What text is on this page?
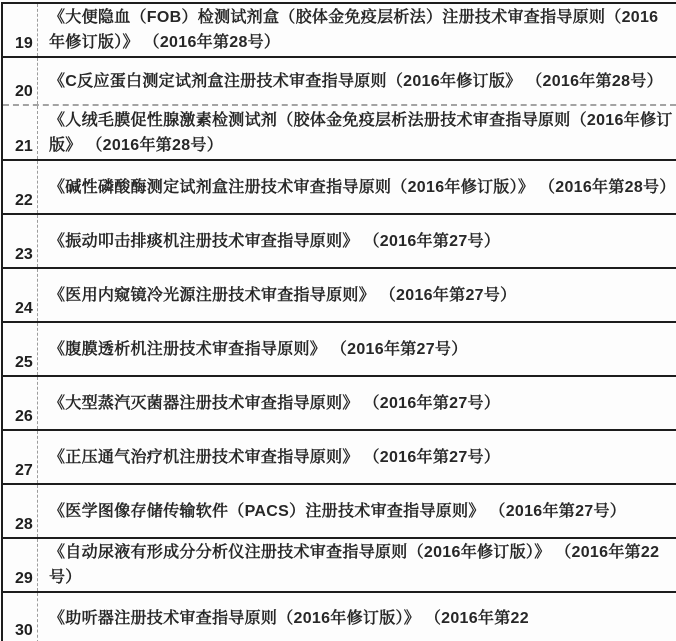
19
《大便隐血（FOB）检测试剂盒（胶体金免疫层析法）注册技术审查指导原则（2016年修订版）》 （2016年第28号）
20
《C反应蛋白测定试剂盒注册技术审查指导原则（2016年修订版》 （2016年第28号）
21
《人绒毛膜促性腺激素检测试剂（胶体金免疫层析法册技术审查指导原则（2016年修订版》 （2016年第28号）
22
《碱性磷酸酶测定试剂盒注册技术审查指导原则（2016年修订版）》 （2016年第28号）
23
《振动叩击排痰机注册技术审查指导原则》 （2016年第27号）
24
《医用内窥镜冷光源注册技术审查指导原则》 （2016年第27号）
25
《腹膜透析机注册技术审查指导原则》 （2016年第27号）
26
《大型蒸汽灭菌器注册技术审查指导原则》 （2016年第27号）
27
《正压通气治疗机注册技术审查指导原则》 （2016年第27号）
28
《医学图像存储传输软件（PACS）注册技术审查指导原则》 （2016年第27号）
29
《自动尿液有形成分分析仪注册技术审查指导原则（2016年修订版）》 （2016年第22号）
30
《助听器注册技术审查指导原则（2016年修订版）》 （2016年第22
